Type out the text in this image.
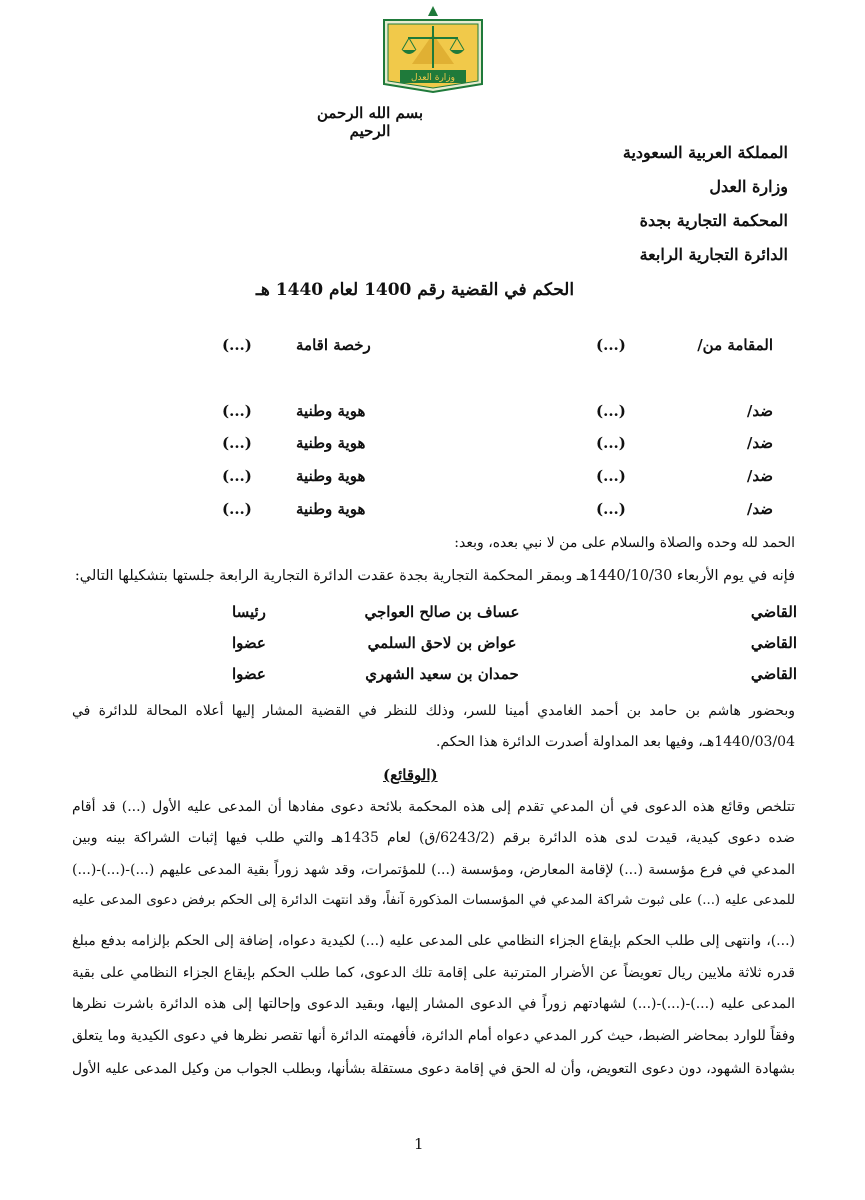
وزارة العدل
بسم الله الرحمن الرحيم
المملكة العربية السعودية
وزارة العدل
المحكمة التجارية بجدة
الدائرة التجارية الرابعة
الحكم في القضية رقم 1400 لعام 1440 هـ
المقامة من/
(...)
رخصة اقامة
(...)
ضد/
(...)
هوية وطنية
(...)
ضد/
(...)
هوية وطنية
(...)
ضد/
(...)
هوية وطنية
(...)
ضد/
(...)
هوية وطنية
(...)
الحمد لله وحده والصلاة والسلام على من لا نبي بعده، وبعد:
فإنه في يوم الأربعاء 1440/10/30هـ وبمقر المحكمة التجارية بجدة عقدت الدائرة التجارية الرابعة جلستها بتشكيلها التالي:
القاضي
عساف بن صالح العواجي
رئيسا
القاضي
عواض بن لاحق السلمي
عضوا
القاضي
حمدان بن سعيد الشهري
عضوا
وبحضور هاشم بن حامد بن أحمد الغامدي أمينا للسر، وذلك للنظر في القضية المشار إليها أعلاه المحالة للدائرة في
1440/03/04هـ، وفيها بعد المداولة أصدرت الدائرة هذا الحكم.
(الوقائع)
تتلخص وقائع هذه الدعوى في أن المدعي تقدم إلى هذه المحكمة بلائحة دعوى مفادها أن المدعى عليه الأول (...) قد أقام
ضده دعوى كيدية، قيدت لدى هذه الدائرة برقم (6243/2/ق) لعام 1435هـ والتي طلب فيها إثبات الشراكة بينه وبين
المدعي في فرع مؤسسة (...) لإقامة المعارض، ومؤسسة (...) للمؤتمرات، وقد شهد زوراً بقية المدعى عليهم (...)-(...)-(...)
للمدعى عليه (...) على ثبوت شراكة المدعي في المؤسسات المذكورة آنفاً، وقد انتهت الدائرة إلى الحكم برفض دعوى المدعى عليه
(...)، وانتهى إلى طلب الحكم بإيقاع الجزاء النظامي على المدعى عليه (...) لكيدية دعواه، إضافة إلى الحكم بإلزامه بدفع مبلغ
قدره ثلاثة ملايين ريال تعويضاً عن الأضرار المترتبة على إقامة تلك الدعوى، كما طلب الحكم بإيقاع الجزاء النظامي على بقية
المدعى عليه (...)-(...)-(...) لشهادتهم زوراً في الدعوى المشار إليها، وبقيد الدعوى وإحالتها إلى هذه الدائرة باشرت نظرها
وفقاً للوارد بمحاضر الضبط، حيث كرر المدعي دعواه أمام الدائرة، فأفهمته الدائرة أنها تقصر نظرها في دعوى الكيدية وما يتعلق
بشهادة الشهود، دون دعوى التعويض، وأن له الحق في إقامة دعوى مستقلة بشأنها، وبطلب الجواب من وكيل المدعى عليه الأول
1
